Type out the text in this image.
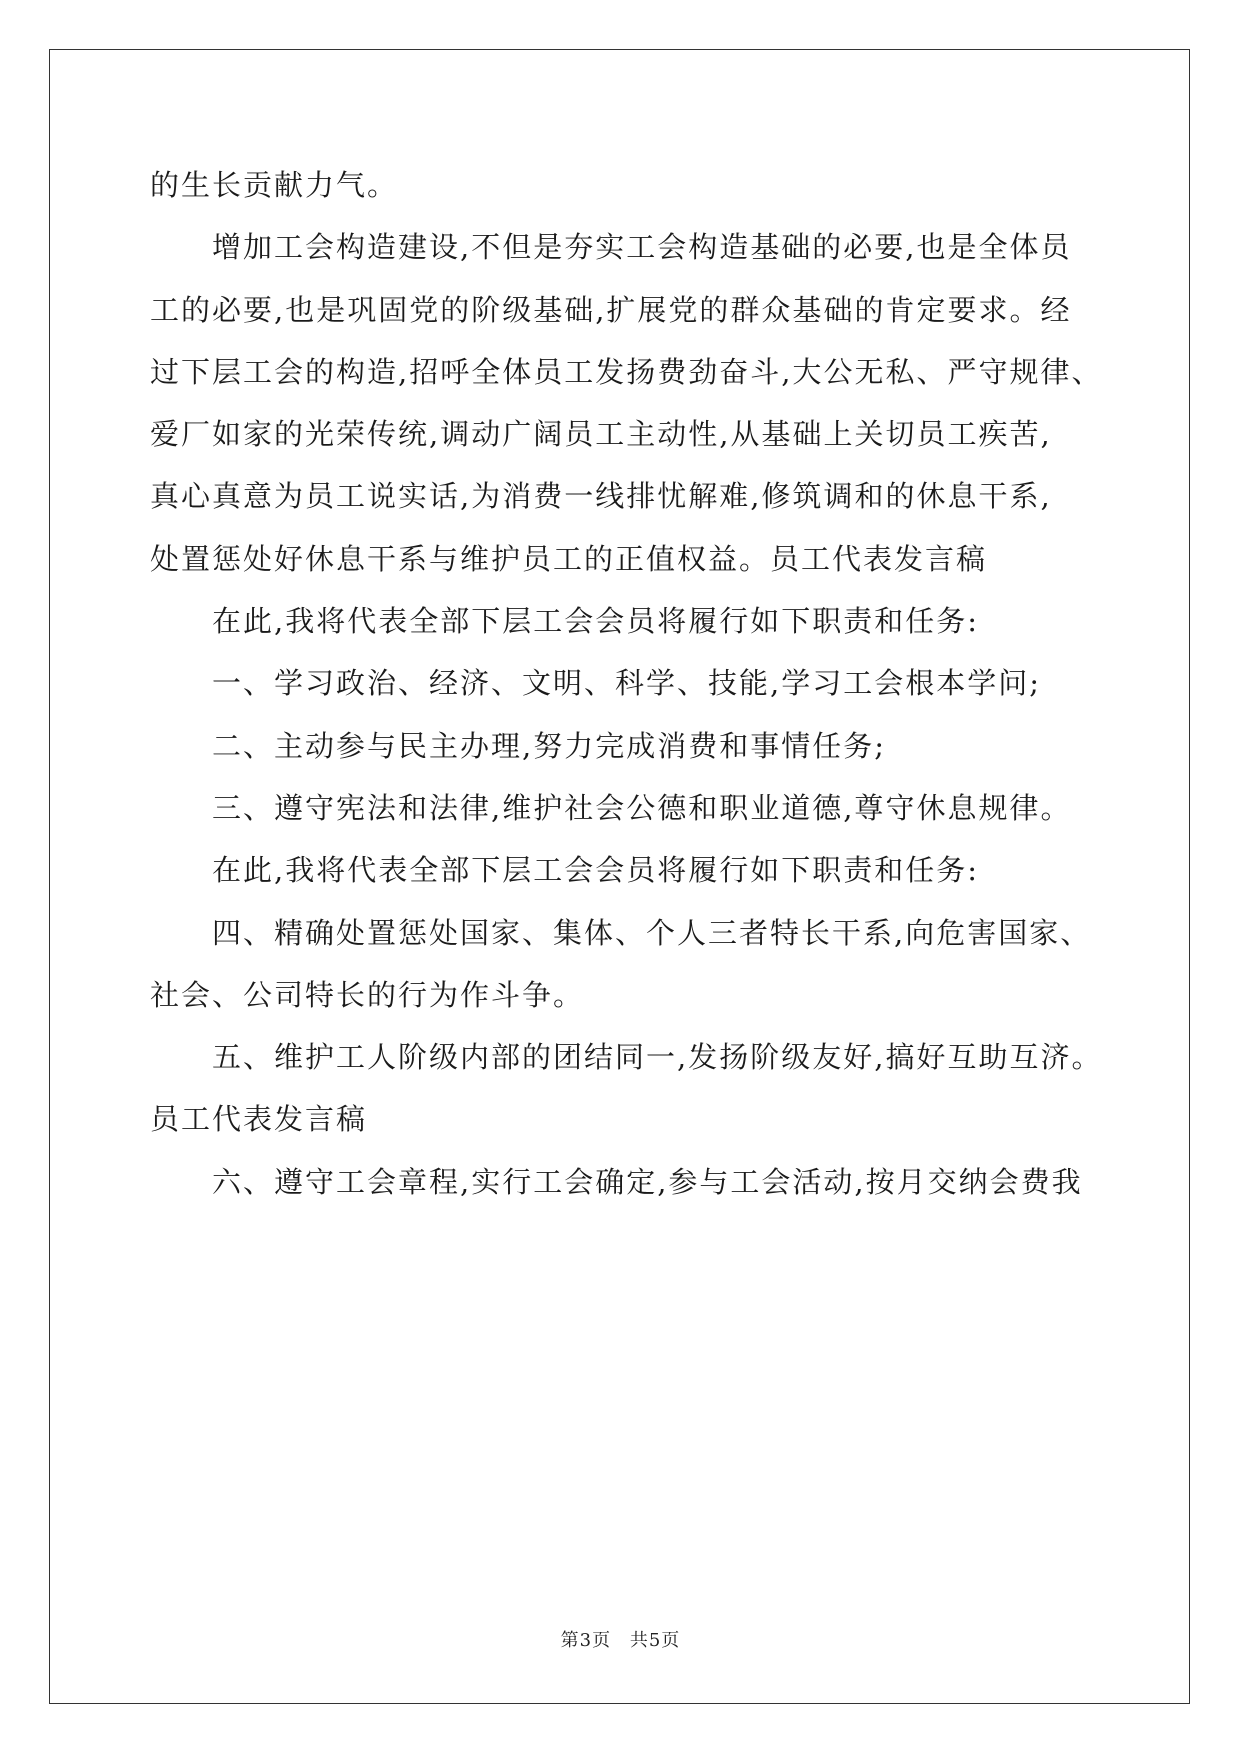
的生长贡献力气。

增加工会构造建设,不但是夯实工会构造基础的必要,也是全体员

工的必要,也是巩固党的阶级基础,扩展党的群众基础的肯定要求。经

过下层工会的构造,招呼全体员工发扬费劲奋斗,大公无私、严守规律、

爱厂如家的光荣传统,调动广阔员工主动性,从基础上关切员工疾苦,

真心真意为员工说实话,为消费一线排忧解难,修筑调和的休息干系,

处置惩处好休息干系与维护员工的正值权益。员工代表发言稿

在此,我将代表全部下层工会会员将履行如下职责和任务:

一、学习政治、经济、文明、科学、技能,学习工会根本学问;

二、主动参与民主办理,努力完成消费和事情任务;

三、遵守宪法和法律,维护社会公德和职业道德,尊守休息规律。

在此,我将代表全部下层工会会员将履行如下职责和任务:

四、精确处置惩处国家、集体、个人三者特长干系,向危害国家、

社会、公司特长的行为作斗争。

五、维护工人阶级内部的团结同一,发扬阶级友好,搞好互助互济。

员工代表发言稿

六、遵守工会章程,实行工会确定,参与工会活动,按月交纳会费我

第3页 共5页
